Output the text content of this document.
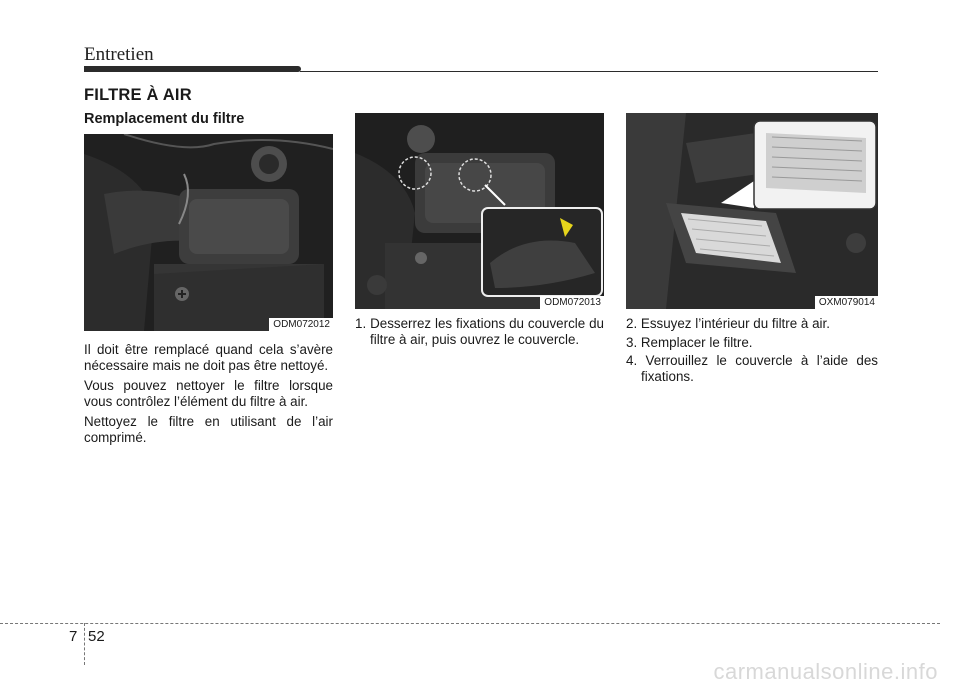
Entretien
FILTRE À AIR
Remplacement du filtre
ODM072012
ODM072013	OXM079014

Il doit être remplacé quand cela s’avère nécessaire mais ne doit pas être nettoyé.

Vous pouvez nettoyer le filtre lorsque vous contrôlez l’élément du filtre à air.

Nettoyez le filtre en utilisant de l’air comprimé.

1. Desserrez les fixations du couvercle du filtre à air, puis ouvrez le couvercle.
2. Essuyez l’intérieur du filtre à air.
3. Remplacer le filtre.
4. Verrouillez le couvercle à l’aide des fixations.
7 52
carmanualsonline.info
